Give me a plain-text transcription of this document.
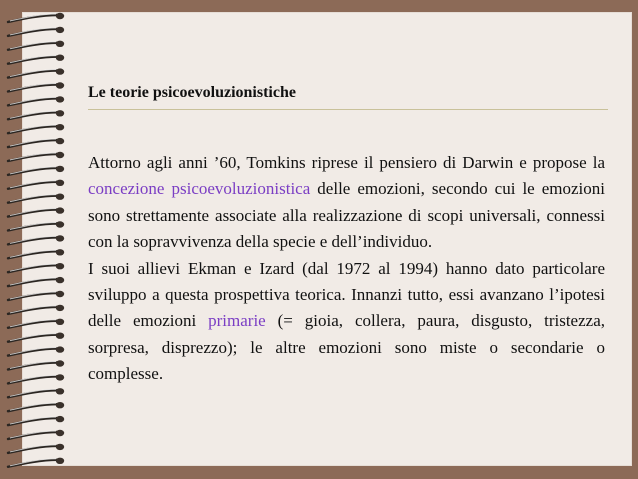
Le teorie psicoevoluzionistiche

Attorno agli anni ’60, Tomkins riprese il pensiero di Darwin e propose la concezione psicoevoluzionistica delle emozioni, secondo cui le emozioni sono strettamente associate alla realizzazione di scopi universali, connessi con la sopravvivenza della specie e dell’individuo.

I suoi allievi Ekman e Izard (dal 1972 al 1994) hanno dato particolare sviluppo a questa prospettiva teorica. Innanzi tutto, essi avanzano l’ipotesi delle emozioni primarie (= gioia, collera, paura, disgusto, tristezza, sorpresa, disprezzo); le altre emozioni sono miste o secondarie o complesse.
